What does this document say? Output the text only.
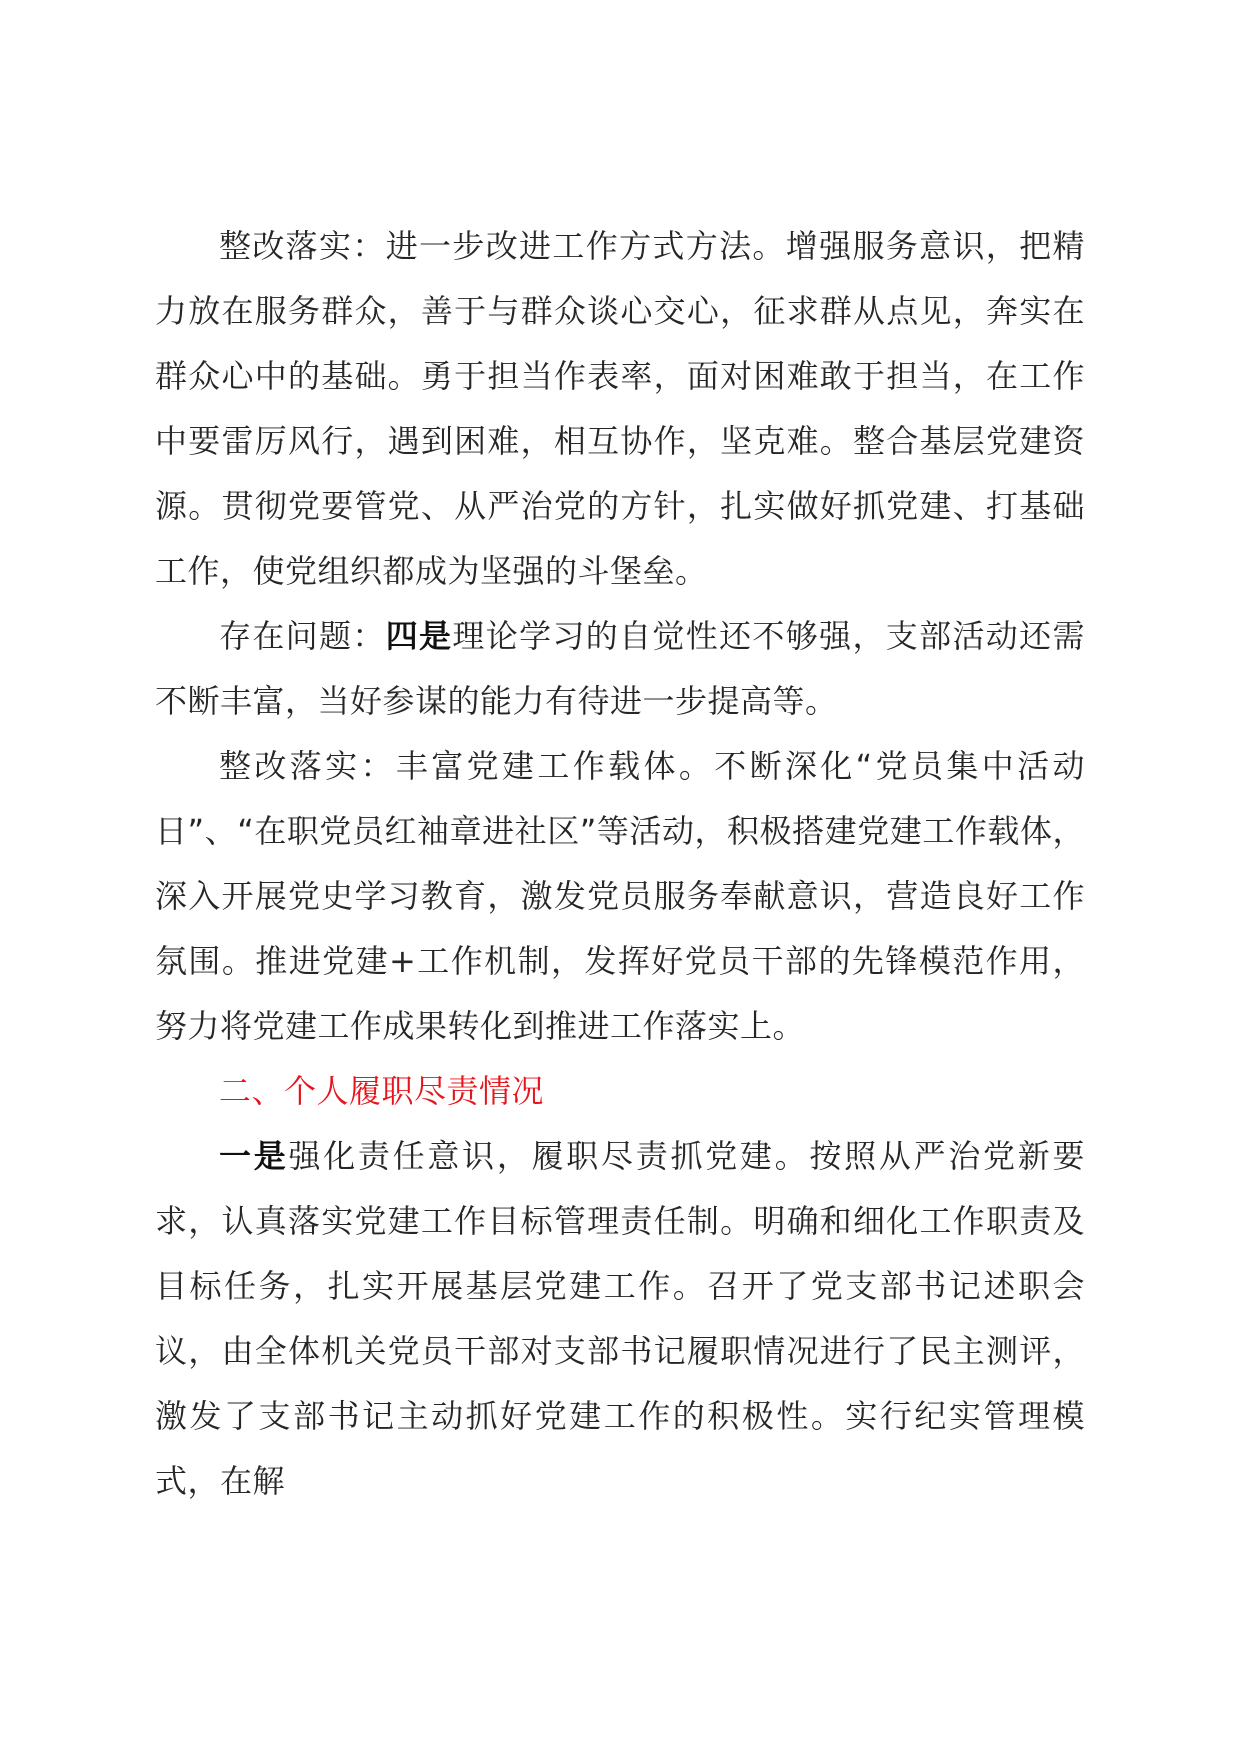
整改落实：进一步改进工作方式方法。增强服务意识，把精力放在服务群众，善于与群众谈心交心，征求群从点见，奔实在群众心中的基础。勇于担当作表率，面对困难敢于担当，在工作中要雷厉风行，遇到困难，相互协作，坚克难。整合基层党建资源。贯彻党要管党、从严治党的方针，扎实做好抓党建、打基础工作，使党组织都成为坚强的斗堡垒。

存在问题：四是理论学习的自觉性还不够强，支部活动还需不断丰富，当好参谋的能力有待进一步提高等。

整改落实：丰富党建工作载体。不断深化“党员集中活动日”、“在职党员红袖章进社区”等活动，积极搭建党建工作载体，深入开展党史学习教育，激发党员服务奉献意识，营造良好工作氛围。推进党建+工作机制，发挥好党员干部的先锋模范作用，努力将党建工作成果转化到推进工作落实上。

二、个人履职尽责情况

一是强化责任意识，履职尽责抓党建。按照从严治党新要求，认真落实党建工作目标管理责任制。明确和细化工作职责及目标任务，扎实开展基层党建工作。召开了党支部书记述职会议，由全体机关党员干部对支部书记履职情况进行了民主测评，激发了支部书记主动抓好党建工作的积极性。实行纪实管理模式，在解
